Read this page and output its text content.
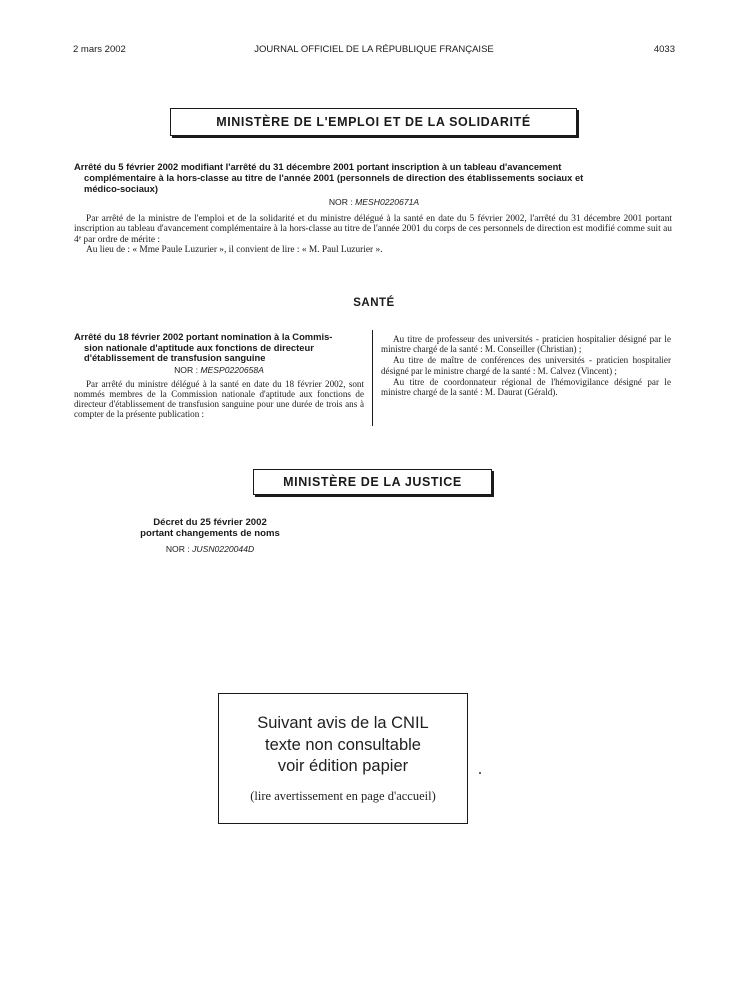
2 mars 2002	JOURNAL OFFICIEL DE LA RÉPUBLIQUE FRANÇAISE	4033
MINISTÈRE DE L'EMPLOI ET DE LA SOLIDARITÉ
Arrêté du 5 février 2002 modifiant l'arrêté du 31 décembre 2001 portant inscription à un tableau d'avancement
complémentaire à la hors-classe au titre de l'année 2001 (personnels de direction des établissements sociaux et
médico-sociaux)
NOR : MESH0220671A

Par arrêté de la ministre de l'emploi et de la solidarité et du ministre délégué à la santé en date du 5 février 2002, l'arrêté du 31 décembre 2001 portant inscription au tableau d'avancement complémentaire à la hors-classe au titre de l'année 2001 du corps de ces personnels de direction est modifié comme suit au 4ᵉ par ordre de mérite :

Au lieu de : « Mme Paule Luzurier », il convient de lire : « M. Paul Luzurier ».

SANTÉ
Arrêté du 18 février 2002 portant nomination à la Commis-
sion nationale d'aptitude aux fonctions de directeur
d'établissement de transfusion sanguine
NOR : MESP0220658A

Par arrêté du ministre délégué à la santé en date du 18 février 2002, sont nommés membres de la Commission nationale d'aptitude aux fonctions de directeur d'établissement de transfusion sanguine pour une durée de trois ans à compter de la présente publication :

Au titre de professeur des universités - praticien hospitalier désigné par le ministre chargé de la santé : M. Conseiller (Christian) ;

Au titre de maître de conférences des universités - praticien hospitalier désigné par le ministre chargé de la santé : M. Calvez (Vincent) ;

Au titre de coordonnateur régional de l'hémovigilance désigné par le ministre chargé de la santé : M. Daurat (Gérald).

MINISTÈRE DE LA JUSTICE
Décret du 25 février 2002
portant changements de noms
NOR : JUSN0220044D
Suivant avis de la CNIL
texte non consultable
voir édition papier
(lire avertissement en page d'accueil)
